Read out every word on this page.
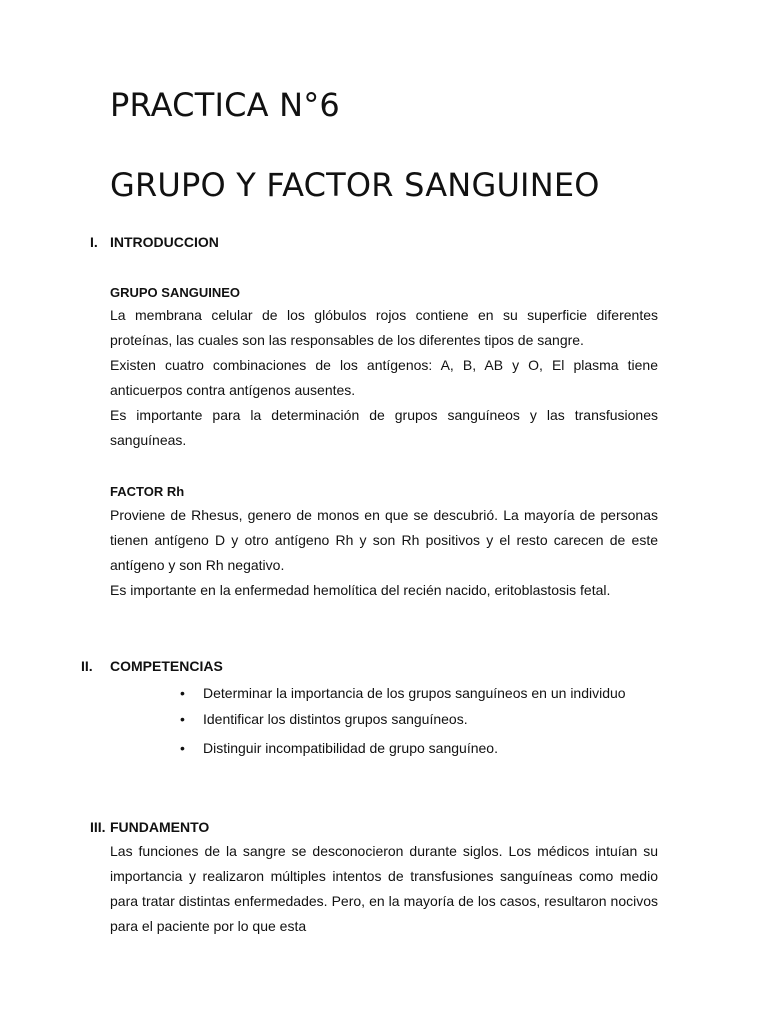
PRACTICA N°6
GRUPO Y FACTOR SANGUINEO
I. INTRODUCCION
GRUPO SANGUINEO

La membrana celular de los glóbulos rojos contiene en su superficie diferentes proteínas, las cuales son las responsables de los diferentes tipos de sangre.

Existen cuatro combinaciones de los antígenos: A, B, AB y O, El plasma tiene anticuerpos contra antígenos ausentes.

Es importante para la determinación de grupos sanguíneos y las transfusiones sanguíneas.

FACTOR Rh

Proviene de Rhesus, genero de monos en que se descubrió. La mayoría de personas tienen antígeno D y otro antígeno Rh y son Rh positivos y el resto carecen de este antígeno y son Rh negativo.

Es importante en la enfermedad hemolítica del recién nacido, eritoblastosis fetal.

II. COMPETENCIAS
• Determinar la importancia de los grupos sanguíneos en un individuo
• Identificar los distintos grupos sanguíneos.
• Distinguir incompatibilidad de grupo sanguíneo.
III. FUNDAMENTO

Las funciones de la sangre se desconocieron durante siglos. Los médicos intuían su importancia y realizaron múltiples intentos de transfusiones sanguíneas como medio para tratar distintas enfermedades. Pero, en la mayoría de los casos, resultaron nocivos para el paciente por lo que esta
